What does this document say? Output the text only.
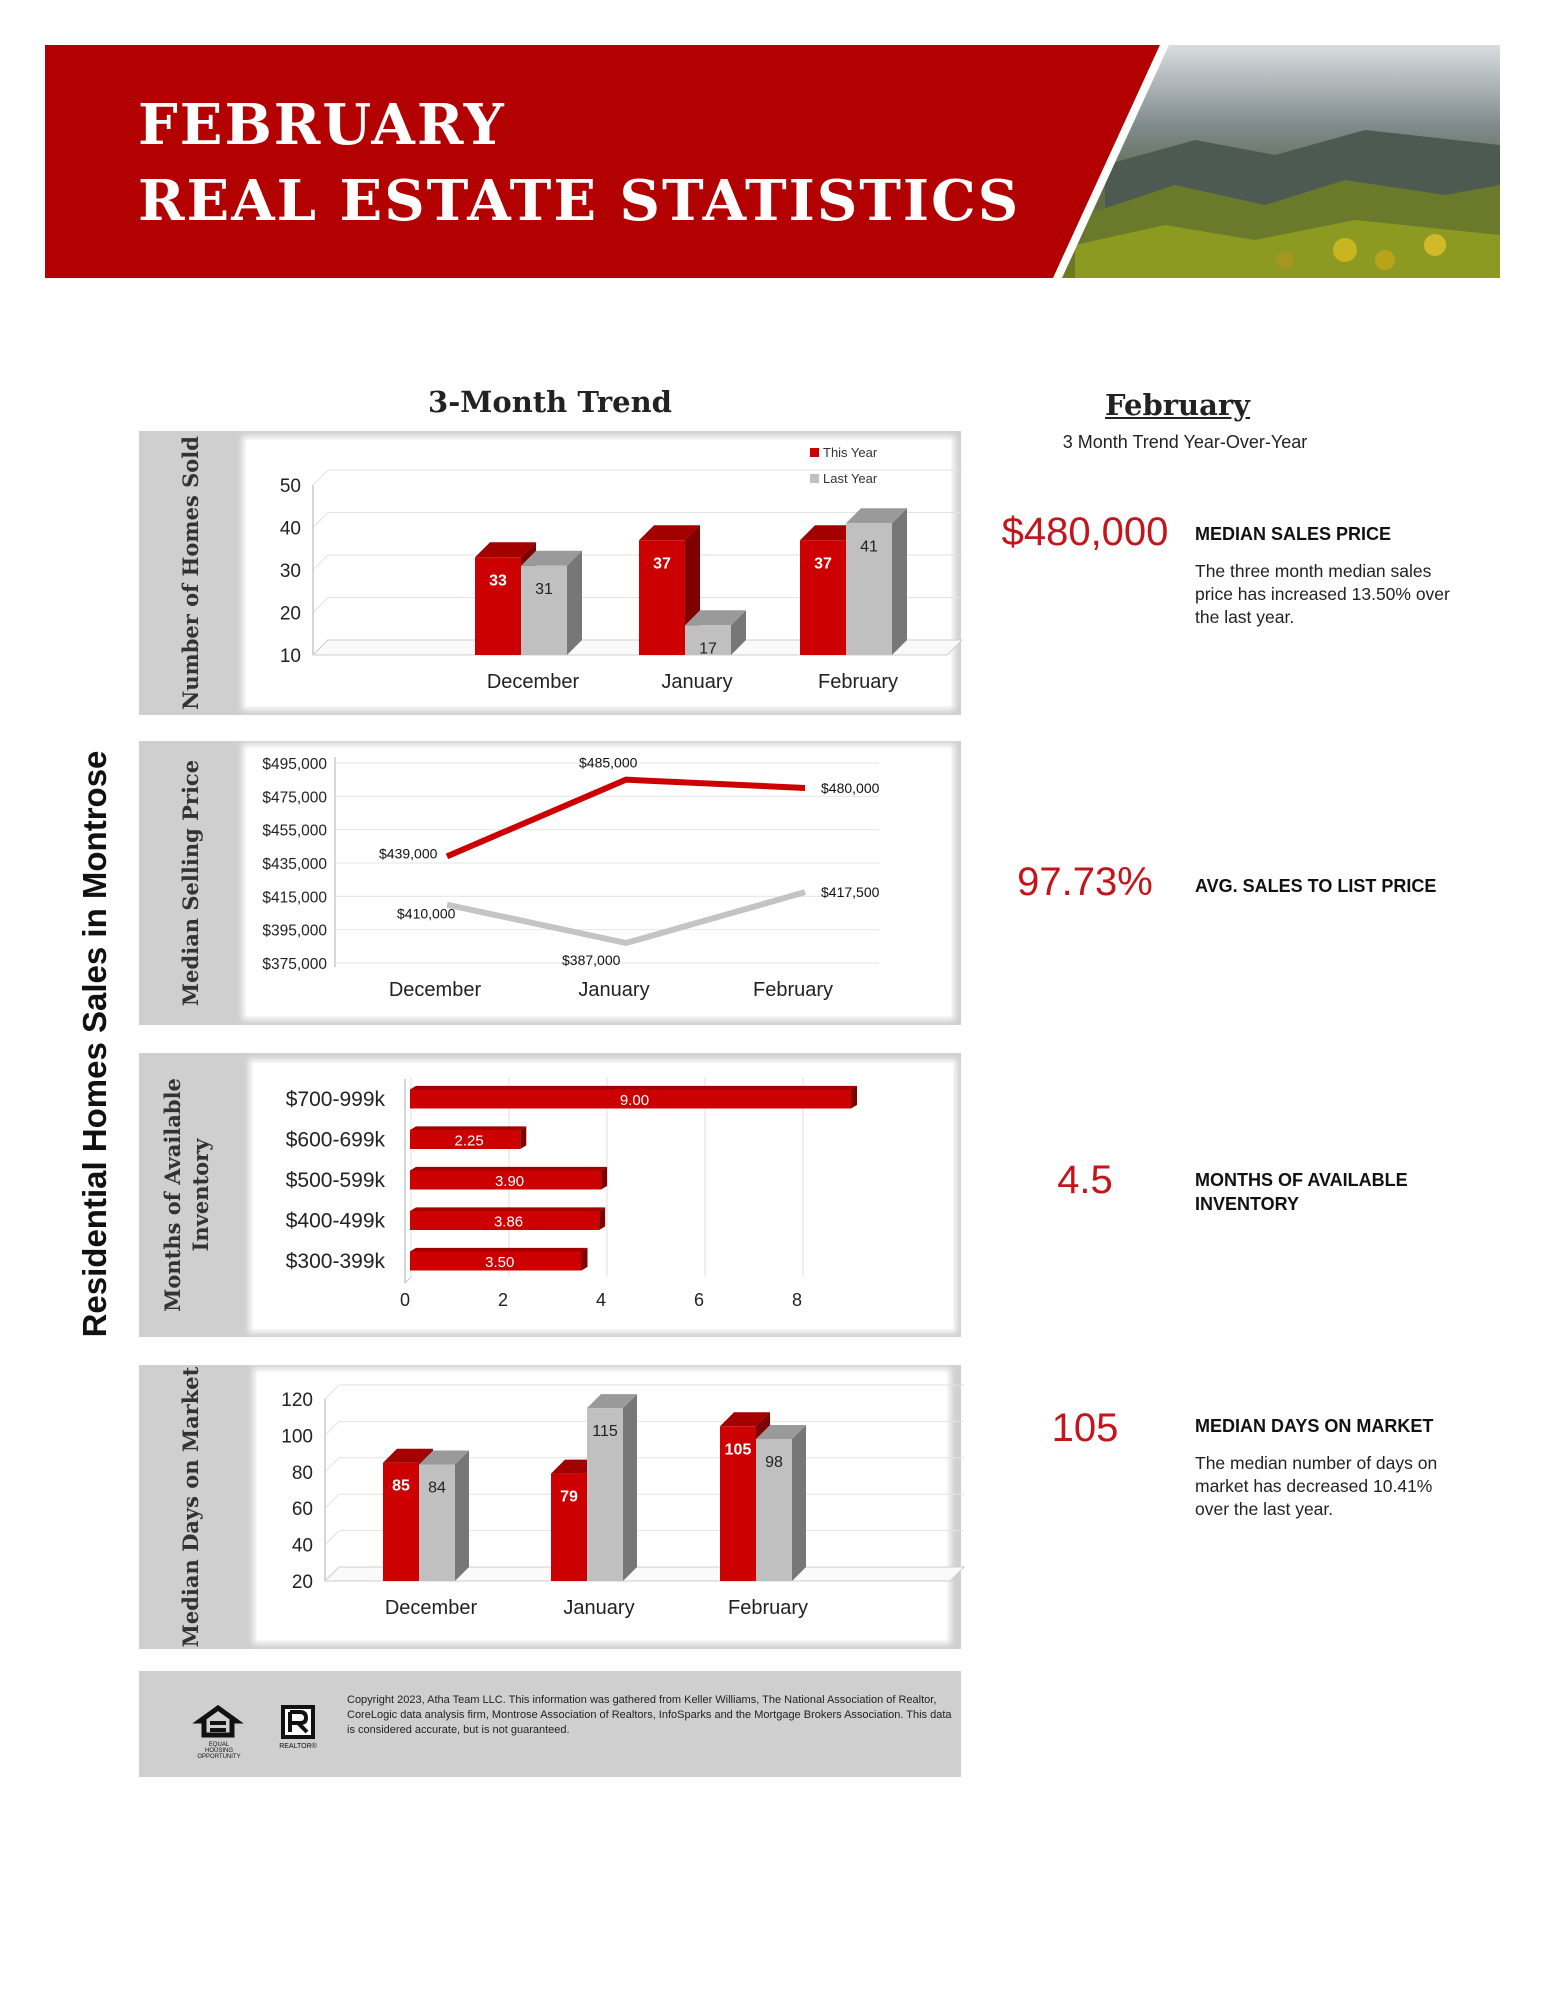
FEBRUARY
REAL ESTATE STATISTICS
3-Month Trend
Residential Homes Sales in Montrose
Number of Homes Sold	50
40
30
20
10
December
33 31
January
37
17
February
37
41
This Year
Last Year
Median Selling Price	$495,000
$475,000
$455,000
$435,000
$415,000
$395,000
$375,000
December	January	February
$439,000
$485,000
$480,000
$410,000
$387,000
$417,500
Months of Available Inventory
0	2	4	6	8
$700-999k	9.00
$600-699k	2.25
$500-599k	3.90
$400-499k	3.86
$300-399k	3.50
Median Days on Market	120
100
80
60
40
20
December
85 84
January
79
115
February
105
98
February
3 Month Trend Year-Over-Year
$480,000	MEDIAN SALES PRICE
The three month median sales price has increased 13.50% over the last year.
97.73%	AVG. SALES TO LIST PRICE
4.5	MONTHS OF AVAILABLE INVENTORY
105	MEDIAN DAYS ON MARKET
The median number of days on market has decreased 10.41% over the last year.
EQUAL HOUSING OPPORTUNITY
REALTOR®
Copyright 2023, Atha Team LLC. This information was gathered from Keller Williams, The National Association of Realtor, CoreLogic data analysis firm, Montrose Association of Realtors, InfoSparks and the Mortgage Brokers Association. This data is considered accurate, but is not guaranteed.
